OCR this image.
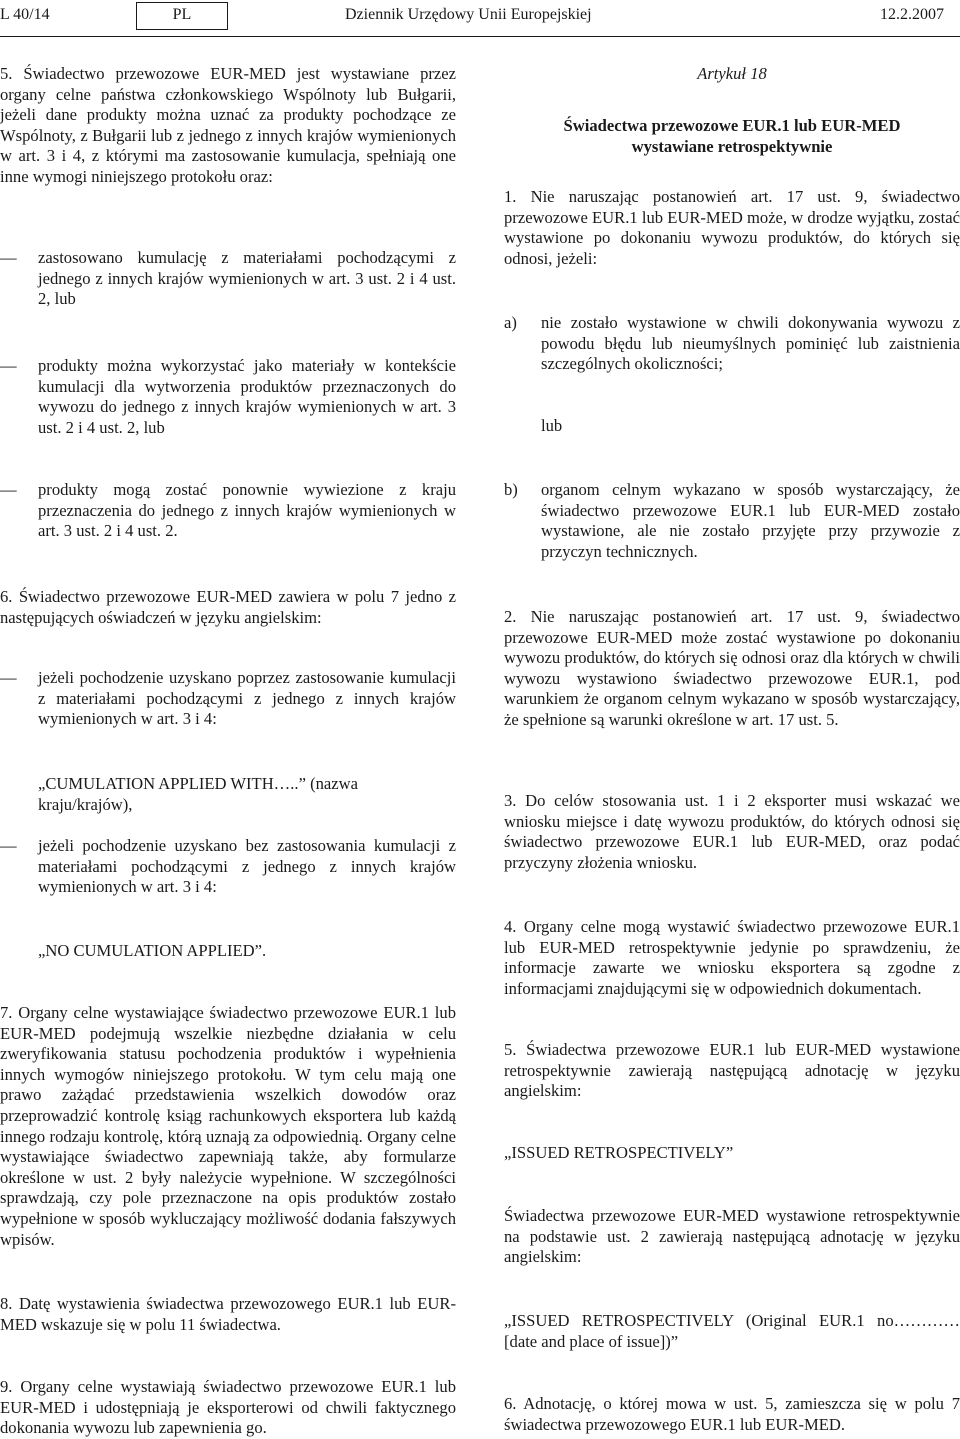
L 40/14	PL	Dziennik Urzędowy Unii Europejskiej	12.2.2007
5. Świadectwo przewozowe EUR-MED jest wystawiane przez organy celne państwa członkowskiego Wspólnoty lub Bułgarii, jeżeli dane produkty można uznać za produkty pochodzące ze Wspólnoty, z Bułgarii lub z jednego z innych krajów wymienionych w art. 3 i 4, z którymi ma zastosowanie kumulacja, spełniają one inne wymogi niniejszego protokołu oraz:
— zastosowano kumulację z materiałami pochodzącymi z jednego z innych krajów wymienionych w art. 3 ust. 2 i 4 ust. 2, lub
— produkty można wykorzystać jako materiały w kontekście kumulacji dla wytworzenia produktów przeznaczonych do wywozu do jednego z innych krajów wymienionych w art. 3 ust. 2 i 4 ust. 2, lub
— produkty mogą zostać ponownie wywiezione z kraju przeznaczenia do jednego z innych krajów wymienionych w art. 3 ust. 2 i 4 ust. 2.
6. Świadectwo przewozowe EUR-MED zawiera w polu 7 jedno z następujących oświadczeń w języku angielskim:
— jeżeli pochodzenie uzyskano poprzez zastosowanie kumulacji z materiałami pochodzącymi z jednego z innych krajów wymienionych w art. 3 i 4:
„CUMULATION APPLIED WITH…..” (nazwa kraju/krajów),
— jeżeli pochodzenie uzyskano bez zastosowania kumulacji z materiałami pochodzącymi z jednego z innych krajów wymienionych w art. 3 i 4:
„NO CUMULATION APPLIED”.
7. Organy celne wystawiające świadectwo przewozowe EUR.1 lub EUR-MED podejmują wszelkie niezbędne działania w celu zweryfikowania statusu pochodzenia produktów i wypełnienia innych wymogów niniejszego protokołu. W tym celu mają one prawo zażądać przedstawienia wszelkich dowodów oraz przeprowadzić kontrolę ksiąg rachunkowych eksportera lub każdą innego rodzaju kontrolę, którą uznają za odpowiednią. Organy celne wystawiające świadectwo zapewniają także, aby formularze określone w ust. 2 były należycie wypełnione. W szczególności sprawdzają, czy pole przeznaczone na opis produktów zostało wypełnione w sposób wykluczający możliwość dodania fałszywych wpisów.
8. Datę wystawienia świadectwa przewozowego EUR.1 lub EUR-MED wskazuje się w polu 11 świadectwa.
9. Organy celne wystawiają świadectwo przewozowe EUR.1 lub EUR-MED i udostępniają je eksporterowi od chwili faktycznego dokonania wywozu lub zapewnienia go.
Artykuł 18
Świadectwa przewozowe EUR.1 lub EUR-MED wystawiane retrospektywnie
1. Nie naruszając postanowień art. 17 ust. 9, świadectwo przewozowe EUR.1 lub EUR-MED może, w drodze wyjątku, zostać wystawione po dokonaniu wywozu produktów, do których się odnosi, jeżeli:
a) nie zostało wystawione w chwili dokonywania wywozu z powodu błędu lub nieumyślnych pominięć lub zaistnienia szczególnych okoliczności;
lub
b) organom celnym wykazano w sposób wystarczający, że świadectwo przewozowe EUR.1 lub EUR-MED zostało wystawione, ale nie zostało przyjęte przy przywozie z przyczyn technicznych.
2. Nie naruszając postanowień art. 17 ust. 9, świadectwo przewozowe EUR-MED może zostać wystawione po dokonaniu wywozu produktów, do których się odnosi oraz dla których w chwili wywozu wystawiono świadectwo przewozowe EUR.1, pod warunkiem że organom celnym wykazano w sposób wystarczający, że spełnione są warunki określone w art. 17 ust. 5.
3. Do celów stosowania ust. 1 i 2 eksporter musi wskazać we wniosku miejsce i datę wywozu produktów, do których odnosi się świadectwo przewozowe EUR.1 lub EUR-MED, oraz podać przyczyny złożenia wniosku.
4. Organy celne mogą wystawić świadectwo przewozowe EUR.1 lub EUR-MED retrospektywnie jedynie po sprawdzeniu, że informacje zawarte we wniosku eksportera są zgodne z informacjami znajdującymi się w odpowiednich dokumentach.
5. Świadectwa przewozowe EUR.1 lub EUR-MED wystawione retrospektywnie zawierają następującą adnotację w języku angielskim:
„ISSUED RETROSPECTIVELY”
Świadectwa przewozowe EUR-MED wystawione retrospektywnie na podstawie ust. 2 zawierają następującą adnotację w języku angielskim:
„ISSUED RETROSPECTIVELY (Original EUR.1 no…………[date and place of issue])”
6. Adnotację, o której mowa w ust. 5, zamieszcza się w polu 7 świadectwa przewozowego EUR.1 lub EUR-MED.
